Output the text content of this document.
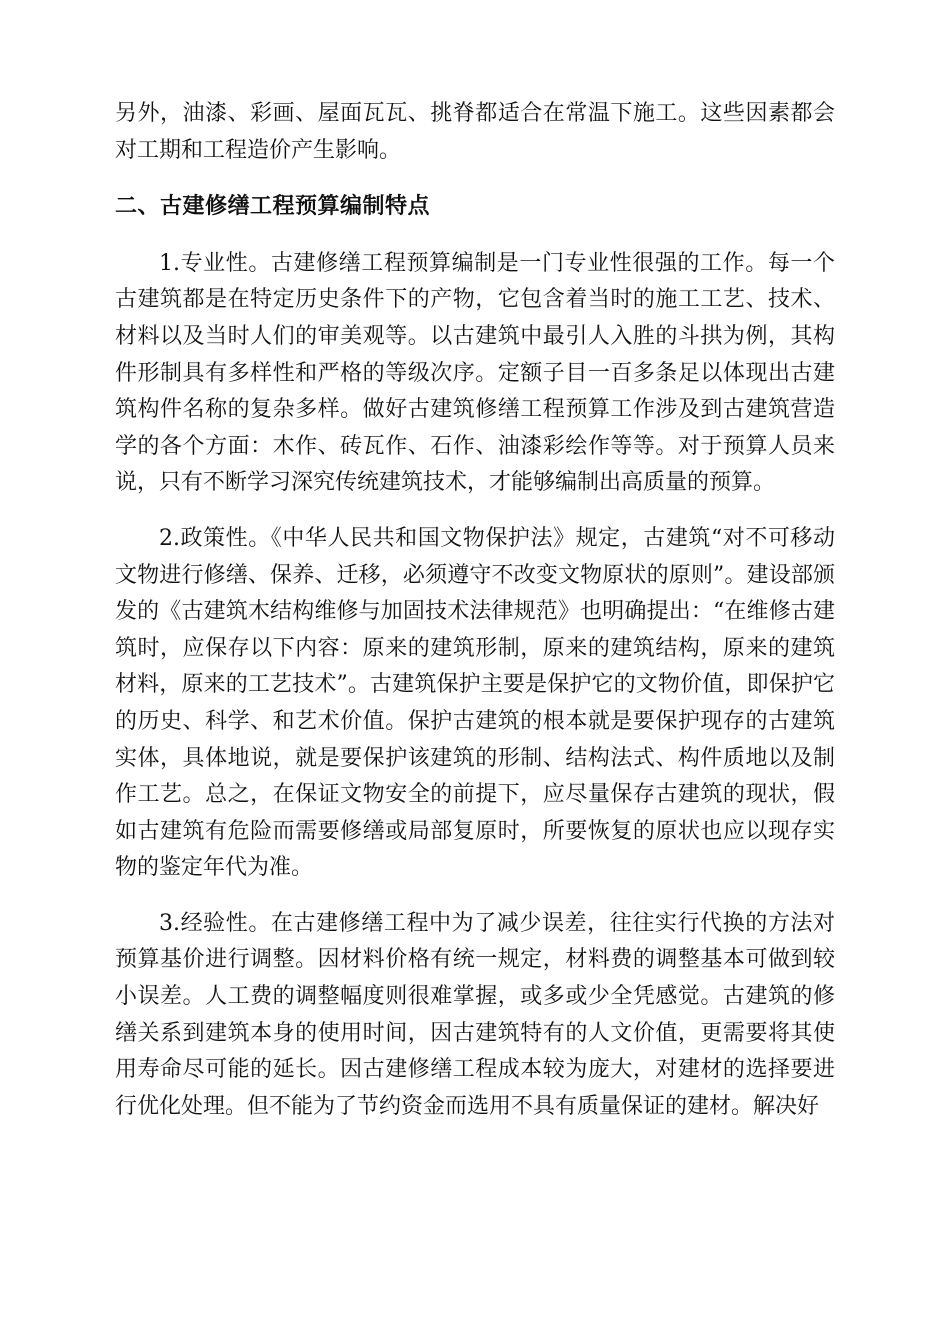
另外，油漆、彩画、屋面瓦瓦、挑脊都适合在常温下施工。这些因素都会对工期和工程造价产生影响。

二、古建修缮工程预算编制特点

1.专业性。古建修缮工程预算编制是一门专业性很强的工作。每一个古建筑都是在特定历史条件下的产物，它包含着当时的施工工艺、技术、材料以及当时人们的审美观等。以古建筑中最引人入胜的斗拱为例，其构件形制具有多样性和严格的等级次序。定额子目一百多条足以体现出古建筑构件名称的复杂多样。做好古建筑修缮工程预算工作涉及到古建筑营造学的各个方面：木作、砖瓦作、石作、油漆彩绘作等等。对于预算人员来说，只有不断学习深究传统建筑技术，才能够编制出高质量的预算。

2.政策性。《中华人民共和国文物保护法》规定，古建筑“对不可移动文物进行修缮、保养、迁移，必须遵守不改变文物原状的原则”。建设部颁发的《古建筑木结构维修与加固技术法律规范》也明确提出：“在维修古建筑时，应保存以下内容：原来的建筑形制，原来的建筑结构，原来的建筑材料，原来的工艺技术”。古建筑保护主要是保护它的文物价值，即保护它的历史、科学、和艺术价值。保护古建筑的根本就是要保护现存的古建筑实体，具体地说，就是要保护该建筑的形制、结构法式、构件质地以及制作工艺。总之，在保证文物安全的前提下，应尽量保存古建筑的现状，假如古建筑有危险而需要修缮或局部复原时，所要恢复的原状也应以现存实物的鉴定年代为准。

3.经验性。在古建修缮工程中为了减少误差，往往实行代换的方法对预算基价进行调整。因材料价格有统一规定，材料费的调整基本可做到较小误差。人工费的调整幅度则很难掌握，或多或少全凭感觉。古建筑的修缮关系到建筑本身的使用时间，因古建筑特有的人文价值，更需要将其使用寿命尽可能的延长。因古建修缮工程成本较为庞大，对建材的选择要进行优化处理。但不能为了节约资金而选用不具有质量保证的建材。解决好
